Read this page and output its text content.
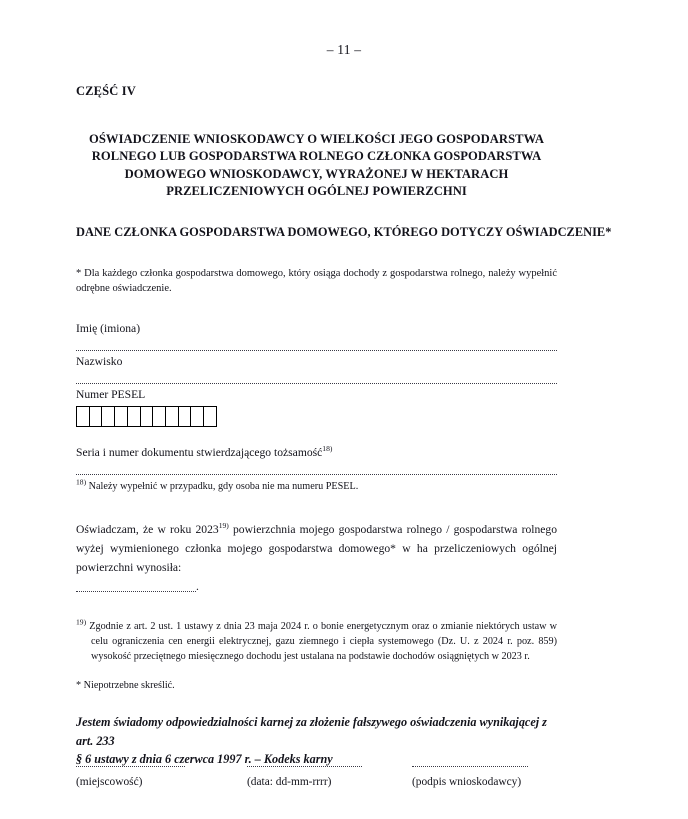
– 11 –

CZĘŚĆ IV

OŚWIADCZENIE WNIOSKODAWCY O WIELKOŚCI JEGO GOSPODARSTWA
ROLNEGO LUB GOSPODARSTWA ROLNEGO CZŁONKA GOSPODARSTWA
DOMOWEGO WNIOSKODAWCY, WYRAŻONEJ W HEKTARACH
PRZELICZENIOWYCH OGÓLNEJ POWIERZCHNI
DANE CZŁONKA GOSPODARSTWA DOMOWEGO, KTÓREGO DOTYCZY OŚWIADCZENIE*

* Dla każdego członka gospodarstwa domowego, który osiąga dochody z gospodarstwa rolnego, należy wypełnić odrębne oświadczenie.

Imię (imiona)

Nazwisko

Numer PESEL

Seria i numer dokumentu stwierdzającego tożsamość$^{18)}$

$^{18)}$ Należy wypełnić w przypadku, gdy osoba nie ma numeru PESEL.

Oświadczam, że w roku 2023$^{19)}$ powierzchnia mojego gospodarstwa rolnego / gospodarstwa rolnego wyżej wymienionego członka mojego gospodarstwa domowego* w ha przeliczeniowych ogólnej powierzchni wynosiła:

.

$^{19)}$ Zgodnie z art. 2 ust. 1 ustawy z dnia 23 maja 2024 r. o bonie energetycznym oraz o zmianie niektórych ustaw w celu ograniczenia cen energii elektrycznej, gazu ziemnego i ciepła systemowego (Dz. U. z 2024 r. poz. 859) wysokość przeciętnego miesięcznego dochodu jest ustalana na podstawie dochodów osiągniętych w 2023 r.

* Niepotrzebne skreślić.

Jestem świadomy odpowiedzialności karnej za złożenie fałszywego oświadczenia wynikającej z art. 233
§ 6 ustawy z dnia 6 czerwca 1997 r. – Kodeks karny

(miejscowość)	(data: dd-mm-rrrr)	(podpis wnioskodawcy)
